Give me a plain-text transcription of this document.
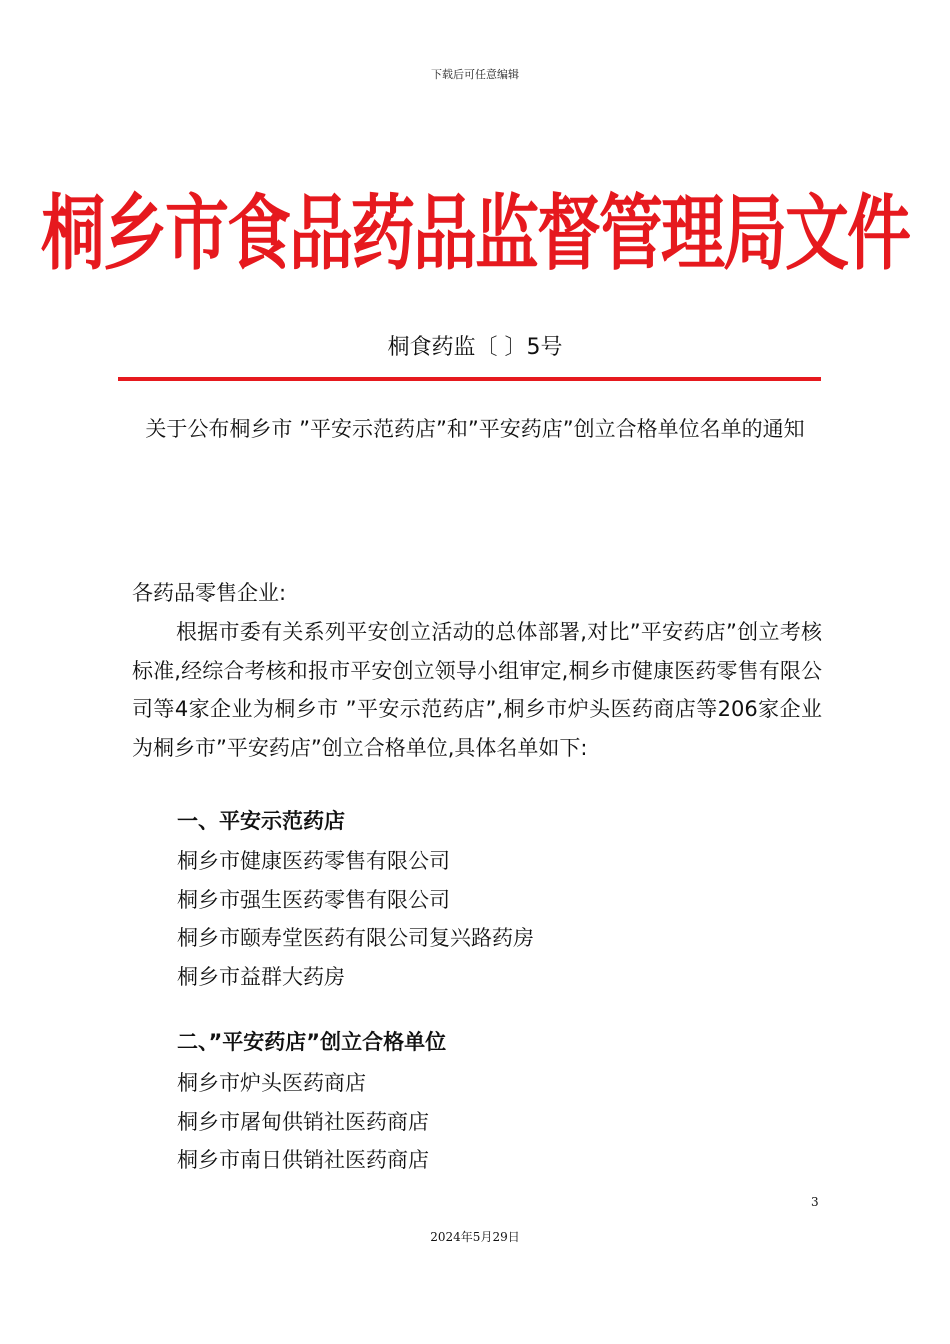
下载后可任意编辑
桐乡市食品药品监督管理局文件
桐食药监〔 〕5号
关于公布桐乡市 ”平安示范药店”和”平安药店”创立合格单位名单的通知
各药品零售企业:
根据市委有关系列平安创立活动的总体部署,对比”平安药店”创立考核标准,经综合考核和报市平安创立领导小组审定,桐乡市健康医药零售有限公司等4家企业为桐乡市 ”平安示范药店”,桐乡市炉头医药商店等206家企业为桐乡市”平安药店”创立合格单位,具体名单如下:
一、平安示范药店
桐乡市健康医药零售有限公司
桐乡市强生医药零售有限公司
桐乡市颐寿堂医药有限公司复兴路药房
桐乡市益群大药房
二、”平安药店”创立合格单位
桐乡市炉头医药商店
桐乡市屠甸供销社医药商店
桐乡市南日供销社医药商店
3
2024年5月29日
